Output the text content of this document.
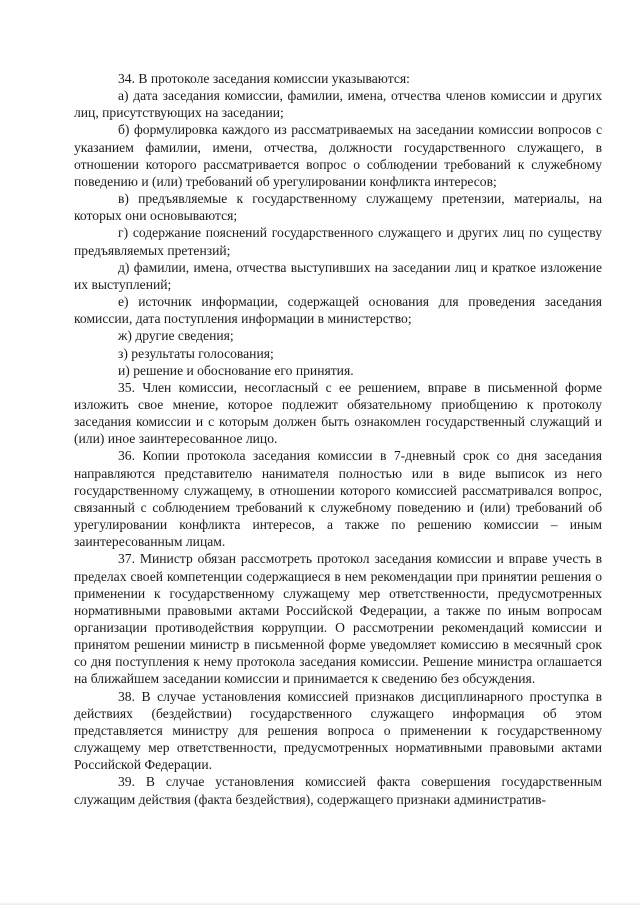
34. В протоколе заседания комиссии указываются:

а) дата заседания комиссии, фамилии, имена, отчества членов комиссии и других лиц, присутствующих на заседании;

б) формулировка каждого из рассматриваемых на заседании комиссии вопросов с указанием фамилии, имени, отчества, должности государственного служащего, в отношении которого рассматривается вопрос о соблюдении требований к служебному поведению и (или) требований об урегулировании конфликта интересов;

в) предъявляемые к государственному служащему претензии, материалы, на которых они основываются;

г) содержание пояснений государственного служащего и других лиц по существу предъявляемых претензий;

д) фамилии, имена, отчества выступивших на заседании лиц и краткое изложение их выступлений;

е) источник информации, содержащей основания для проведения заседания комиссии, дата поступления информации в министерство;

ж) другие сведения;

з) результаты голосования;

и) решение и обоснование его принятия.

35. Член комиссии, несогласный с ее решением, вправе в письменной форме изложить свое мнение, которое подлежит обязательному приобщению к протоколу заседания комиссии и с которым должен быть ознакомлен государственный служащий и (или) иное заинтересованное лицо.

36. Копии протокола заседания комиссии в 7-дневный срок со дня заседания направляются представителю нанимателя полностью или в виде выписок из него государственному служащему, в отношении которого комиссией рассматривался вопрос, связанный с соблюдением требований к служебному поведению и (или) требований об урегулировании конфликта интересов, а также по решению комиссии – иным заинтересованным лицам.

37. Министр обязан рассмотреть протокол заседания комиссии и вправе учесть в пределах своей компетенции содержащиеся в нем рекомендации при принятии решения о применении к государственному служащему мер ответственности, предусмотренных нормативными правовыми актами Российской Федерации, а также по иным вопросам организации противодействия коррупции. О рассмотрении рекомендаций комиссии и принятом решении министр в письменной форме уведомляет комиссию в месячный срок со дня поступления к нему протокола заседания комиссии. Решение министра оглашается на ближайшем заседании комиссии и принимается к сведению без обсуждения.

38. В случае установления комиссией признаков дисциплинарного проступка в действиях (бездействии) государственного служащего информация об этом представляется министру для решения вопроса о применении к государственному служащему мер ответственности, предусмотренных нормативными правовыми актами Российской Федерации.

39. В случае установления комиссией факта совершения государственным служащим действия (факта бездействия), содержащего признаки административ-
